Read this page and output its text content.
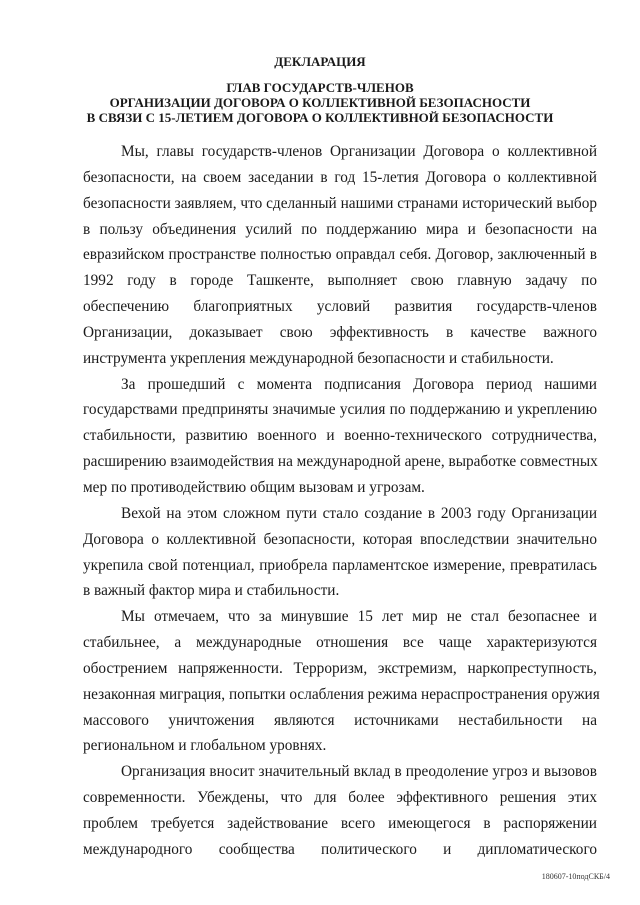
ДЕКЛАРАЦИЯ
ГЛАВ ГОСУДАРСТВ-ЧЛЕНОВ
ОРГАНИЗАЦИИ ДОГОВОРА О КОЛЛЕКТИВНОЙ БЕЗОПАСНОСТИ
В СВЯЗИ С 15-ЛЕТИЕМ ДОГОВОРА О КОЛЛЕКТИВНОЙ БЕЗОПАСНОСТИ
Мы, главы государств-членов Организации Договора о коллективной
безопасности, на своем заседании в год 15-летия Договора о коллективной
безопасности заявляем, что сделанный нашими странами исторический выбор
в пользу объединения усилий по поддержанию мира и безопасности на
евразийском пространстве полностью оправдал себя. Договор, заключенный в
1992 году в городе Ташкенте, выполняет свою главную задачу по
обеспечению благоприятных условий развития государств-членов
Организации, доказывает свою эффективность в качестве важного
инструмента укрепления международной безопасности и стабильности.
За прошедший с момента подписания Договора период нашими
государствами предприняты значимые усилия по поддержанию и укреплению
стабильности, развитию военного и военно-технического сотрудничества,
расширению взаимодействия на международной арене, выработке совместных
мер по противодействию общим вызовам и угрозам.
Вехой на этом сложном пути стало создание в 2003 году Организации
Договора о коллективной безопасности, которая впоследствии значительно
укрепила свой потенциал, приобрела парламентское измерение, превратилась
в важный фактор мира и стабильности.
Мы отмечаем, что за минувшие 15 лет мир не стал безопаснее и
стабильнее, а международные отношения все чаще характеризуются
обострением напряженности. Терроризм, экстремизм, наркопреступность,
незаконная миграция, попытки ослабления режима нераспространения оружия
массового уничтожения являются источниками нестабильности на
региональном и глобальном уровнях.
Организация вносит значительный вклад в преодоление угроз и вызовов
современности. Убеждены, что для более эффективного решения этих
проблем требуется задействование всего имеющегося в распоряжении
международного сообщества политического и дипломатического
180607-10подСКБ/4
